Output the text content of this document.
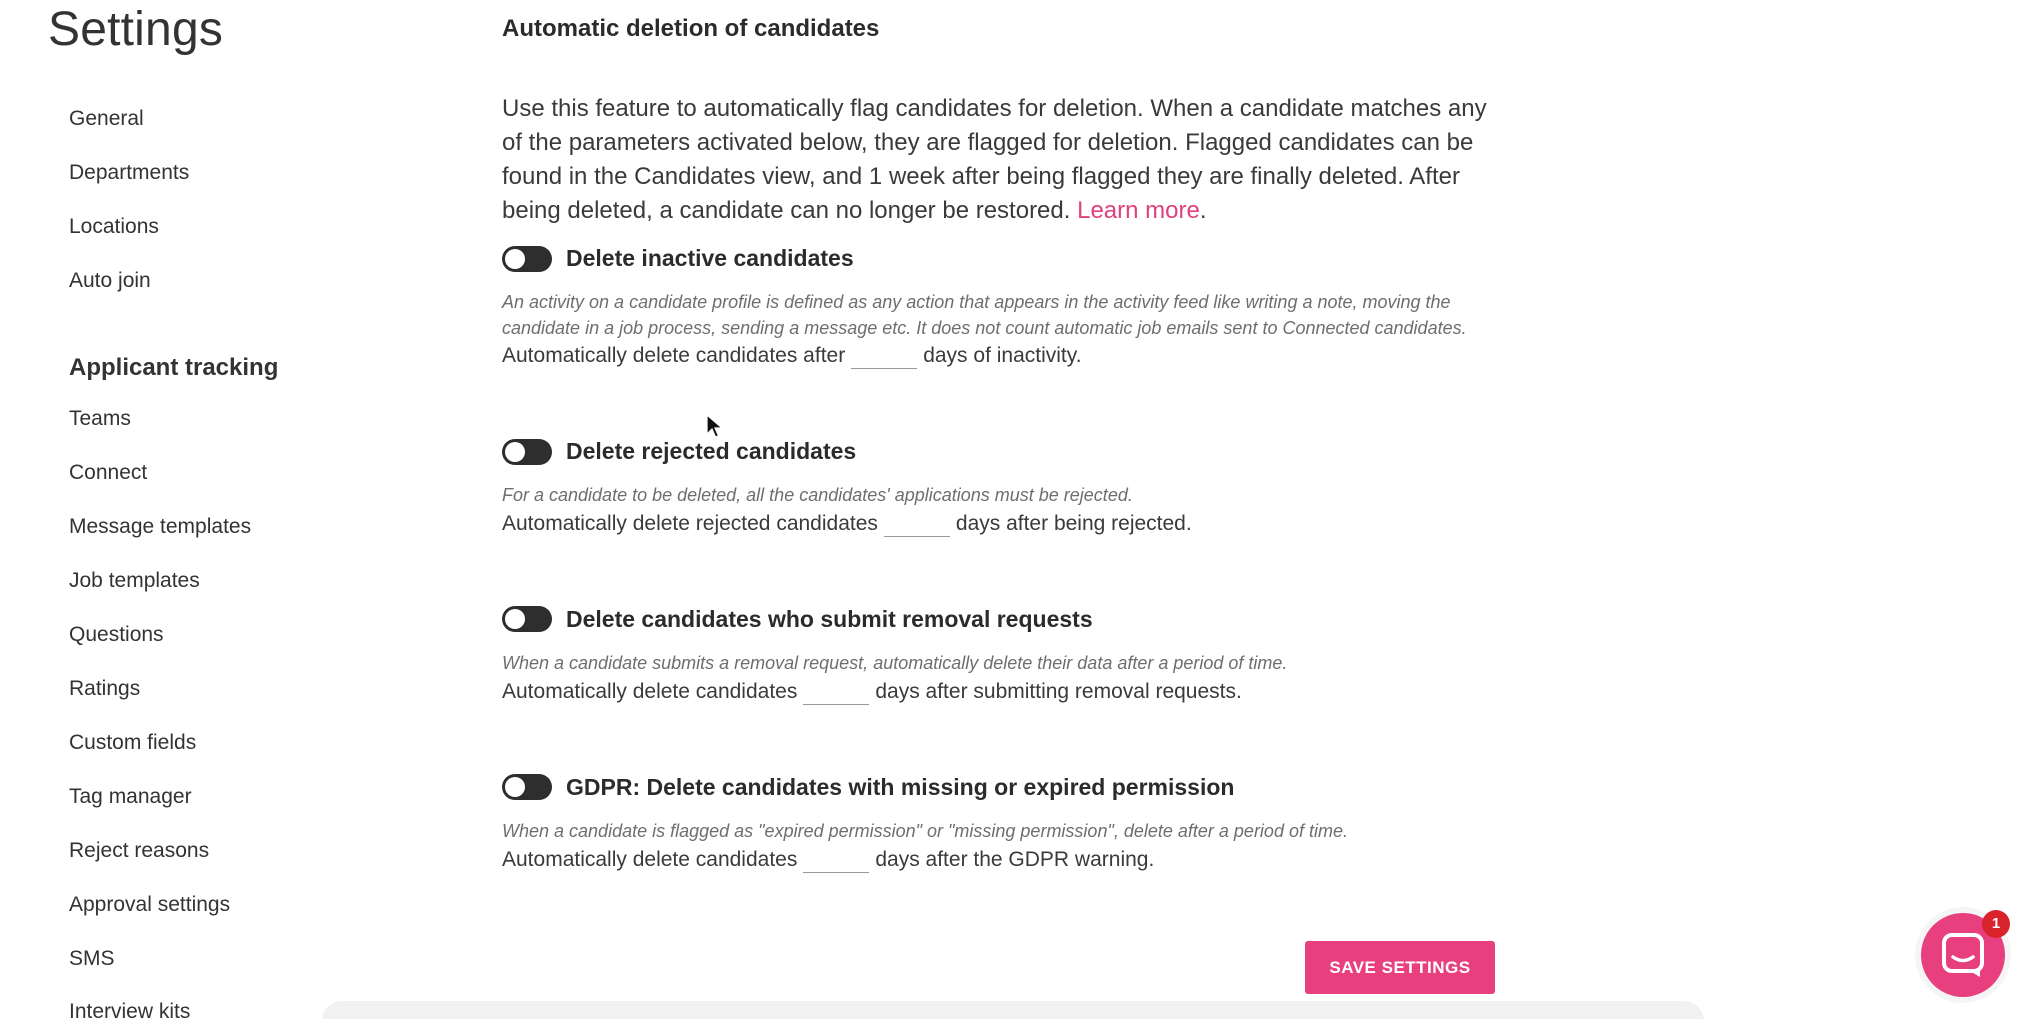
Settings
General
Departments
Locations
Auto join
Applicant tracking
Teams
Connect
Message templates
Job templates
Questions
Ratings
Custom fields
Tag manager
Reject reasons
Approval settings
SMS
Interview kits
Automatic deletion of candidates

Use this feature to automatically flag candidates for deletion. When a candidate matches any of the parameters activated below, they are flagged for deletion. Flagged candidates can be found in the Candidates view, and 1 week after being flagged they are finally deleted. After being deleted, a candidate can no longer be restored. Learn more.

Delete inactive candidates
An activity on a candidate profile is defined as any action that appears in the activity feed like writing a note, moving the candidate in a job process, sending a message etc. It does not count automatic job emails sent to Connected candidates.
Automatically delete candidates after	days of inactivity.
Delete rejected candidates
For a candidate to be deleted, all the candidates' applications must be rejected.
Automatically delete rejected candidates	days after being rejected.
Delete candidates who submit removal requests
When a candidate submits a removal request, automatically delete their data after a period of time.
Automatically delete candidates	days after submitting removal requests.
GDPR: Delete candidates with missing or expired permission
When a candidate is flagged as "expired permission" or "missing permission", delete after a period of time.
Automatically delete candidates	days after the GDPR warning.
SAVE SETTINGS
1
